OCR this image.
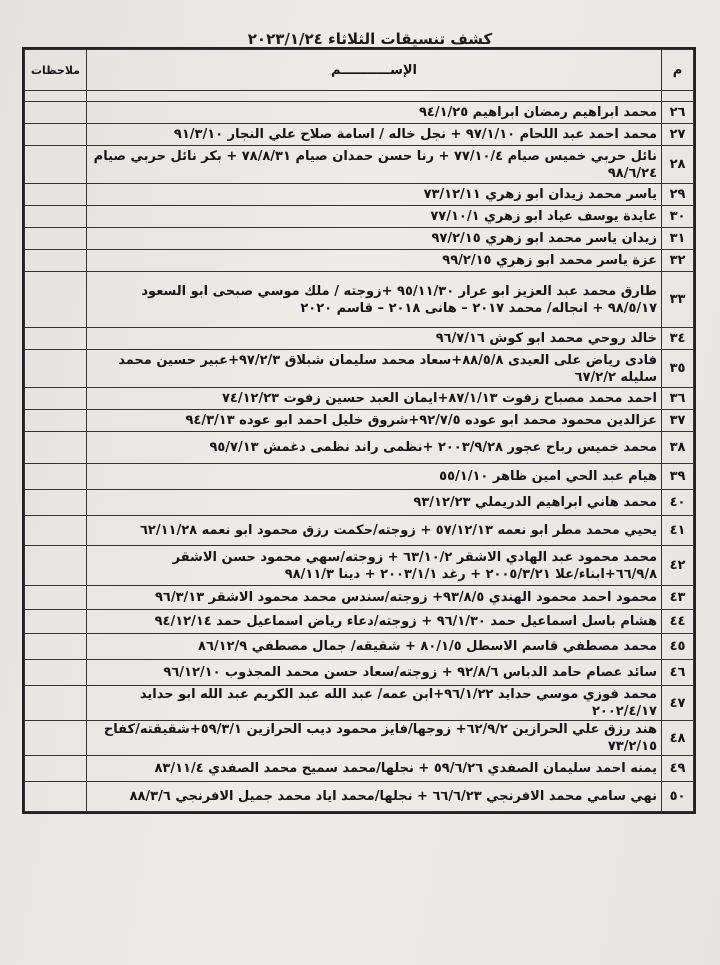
كشف تنسيقات الثلاثاء ٢٠٢٣/١/٢٤
م	الإســـــــــــم	ملاحظات

٢٦	محمد ابراهيم رمضان ابراهيم ٩٤/١/٢٥	
٢٧	محمد احمد عبد اللحام ٩٧/١/١٠ + نجل خاله / اسامة صلاح علي النجار ٩١/٣/١٠	
٢٨	نائل حربي خميس صيام ٧٧/١٠/٤ + رنا حسن حمدان صيام ٧٨/٨/٣١ + بكر نائل حربي صيام ٩٨/٦/٢٤	
٢٩	ياسر محمد زيدان ابو زهري ٧٣/١٢/١١	
٣٠	عايدة يوسف عياد ابو زهري ٧٧/١٠/١	
٣١	زيدان ياسر محمد ابو زهري ٩٧/٢/١٥	
٣٢	عزة ياسر محمد ابو زهري ٩٩/٢/١٥	
٣٣	طارق محمد عبد العزيز ابو عرار ٩٥/١١/٣٠ +زوجته / ملك موسي صبحى ابو السعود ٩٨/٥/١٧ + انجاله/ محمد ٢٠١٧ – هانى ٢٠١٨ – قاسم ٢٠٢٠	
٣٤	خالد روحي محمد ابو كوش ٩٦/٧/١٦	
٣٥	فادى رياض على العيدى ٨٨/٥/٨+سعاد محمد سليمان شبلاق ٩٧/٢/٣+عبير حسين محمد سليله ٦٧/٢/٢	
٣٦	احمد محمد مصباح زفوت ٨٧/١/١٣+ايمان العبد حسين زفوت ٧٤/١٢/٢٣	
٣٧	عزالدين محمود محمد ابو عوده ٩٢/٧/٥+شروق خليل احمد ابو عوده ٩٤/٣/١٣	
٣٨	محمد خميس رباح عجور ٢٠٠٣/٩/٢٨ +نظمى راند نظمى دغمش ٩٥/٧/١٣	
٣٩	هيام عبد الحي امين ظاهر ٥٥/١/١٠	
٤٠	محمد هاني ابراهيم الدريملي ٩٣/١٢/٢٣	
٤١	يحيي محمد مطر ابو نعمه ٥٧/١٢/١٣ + زوجته/حكمت رزق محمود ابو نعمه ٦٢/١١/٢٨	
٤٢	محمد محمود عبد الهادي الاشقر ٦٣/١٠/٢ + زوجته/سهي محمود حسن الاشقر ٦٦/٩/٨+ابناء/علا ٢٠٠٥/٣/٢١ + رغد ٢٠٠٣/١/١ + دينا ٩٨/١١/٣	
٤٣	محمود احمد محمود الهندي ٩٣/٨/٥+ زوجته/سندس محمد محمود الاشقر ٩٦/٣/١٣	
٤٤	هشام باسل اسماعيل حمد ٩٦/١/٣٠ + زوجته/دعاء رياض اسماعيل حمد ٩٤/١٢/١٤	
٤٥	محمد مصطفي قاسم الاسطل ٨٠/١/٥ + شقيقه/ جمال مصطفي ٨٦/١٢/٩	
٤٦	سائد عصام حامد الدباس ٩٢/٨/٦ + زوجته/سعاد حسن محمد المجذوب ٩٦/١٢/١٠	
٤٧	محمد فوزي موسي حدايد ٩٦/١/٢٢+ابن عمه/ عبد الله عبد الكريم عبد الله ابو حدايد ٢٠٠٢/٤/١٧	
٤٨	هند رزق علي الحرازين ٦٢/٩/٢+ زوجها/فايز محمود ديب الحرازين ٥٩/٣/١+شقيقته/كفاح ٧٣/٢/١٥	
٤٩	يمنه احمد سليمان الصفدي ٥٩/٦/٢٦ + نجلها/محمد سميح محمد الصفدي ٨٣/١١/٤	
٥٠	نهي سامي محمد الافرنجي ٦٦/٦/٢٣ + نجلها/محمد اياد محمد جميل الافرنجي ٨٨/٣/٦	
